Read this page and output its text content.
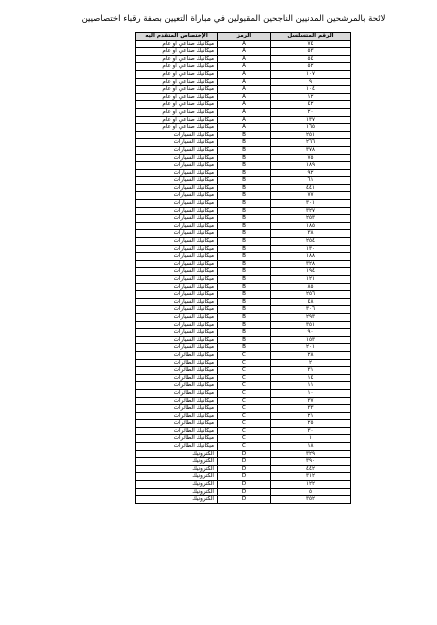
لائحة بالمرشحين المدنيين الناجحين المقبولين في مباراة التعيين بصفة رقباء اختصاصيين
الإختصاص المتقدم اليه	الرمز	الرقم المتسلسل
ميكانيك صناعي أو عام	A	٧٤
ميكانيك صناعي أو عام	A	٥٣
ميكانيك صناعي أو عام	A	٥٤
ميكانيك صناعي أو عام	A	٥٢
ميكانيك صناعي أو عام	A	١٠٧
ميكانيك صناعي أو عام	A	٩
ميكانيك صناعي أو عام	A	١٠٤
ميكانيك صناعي أو عام	A	١٢
ميكانيك صناعي أو عام	A	٤٢
ميكانيك صناعي أو عام	A	٢٠
ميكانيك صناعي أو عام	A	١٣٧
ميكانيك صناعي أو عام	A	١٦٥
ميكانيك السيارات	B	٢٥١
ميكانيك السيارات	B	٢٦٦
ميكانيك السيارات	B	٣٧٨
ميكانيك السيارات	B	٧٥
ميكانيك السيارات	B	١٨٩
ميكانيك السيارات	B	٩٢
ميكانيك السيارات	B	٦١
ميكانيك السيارات	B	٤٤١
ميكانيك السيارات	B	٧٧
ميكانيك السيارات	B	٣٠١
ميكانيك السيارات	B	٣٢٧
ميكانيك السيارات	B	٢٥٣
ميكانيك السيارات	B	١٨٥
ميكانيك السيارات	B	٣٨
ميكانيك السيارات	B	٢٥٤
ميكانيك السيارات	B	١٣٠
ميكانيك السيارات	B	١٨٨
ميكانيك السيارات	B	٣٢٨
ميكانيك السيارات	B	١٩٤
ميكانيك السيارات	B	١٢١
ميكانيك السيارات	B	٨٥
ميكانيك السيارات	B	٢٥٦
ميكانيك السيارات	B	٤٨
ميكانيك السيارات	B	٣٠٦
ميكانيك السيارات	B	٢٩٣
ميكانيك السيارات	B	٣٥١
ميكانيك السيارات	B	٩٠
ميكانيك السيارات	B	١٥٣
ميكانيك السيارات	B	٢٠١
ميكانيك الطائرات	C	٢٨
ميكانيك الطائرات	C	٢
ميكانيك الطائرات	C	٣١
ميكانيك الطائرات	C	١٤
ميكانيك الطائرات	C	١١
ميكانيك الطائرات	C	١٠
ميكانيك الطائرات	C	٣٧
ميكانيك الطائرات	C	٣٣
ميكانيك الطائرات	C	٢١
ميكانيك الطائرات	C	٢٥
ميكانيك الطائرات	C	٣٠
ميكانيك الطائرات	C	١
ميكانيك الطائرات	C	١٨
الكترونيك	D	٣٢٩
الكترونيك	D	٣٩٠
الكترونيك	D	٤٤٢
الكترونيك	D	٣١٢
الكترونيك	D	١٢٢
الكترونيك	D	٥
الكترونيك	D	٣٥٢
